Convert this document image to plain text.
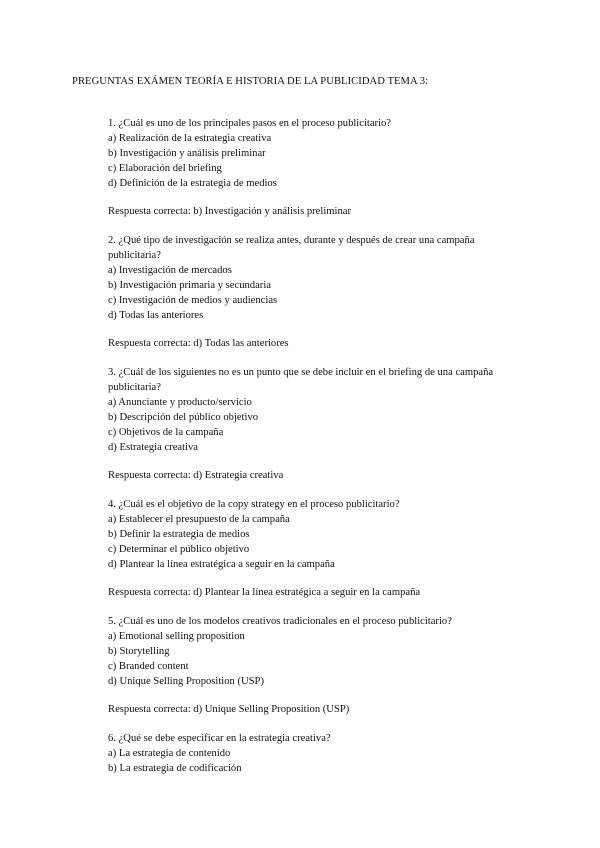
PREGUNTAS EXÁMEN TEORÍA E HISTORIA DE LA PUBLICIDAD TEMA 3:
1. ¿Cuál es uno de los principales pasos en el proceso publicitario?
a) Realización de la estrategia creativa
b) Investigación y análisis preliminar
c) Elaboración del briefing
d) Definición de la estrategia de medios
Respuesta correcta: b) Investigación y análisis preliminar
2. ¿Qué tipo de investigación se realiza antes, durante y después de crear una campaña
publicitaria?
a) Investigación de mercados
b) Investigación primaria y secundaria
c) Investigación de medios y audiencias
d) Todas las anteriores
Respuesta correcta: d) Todas las anteriores
3. ¿Cuál de los siguientes no es un punto que se debe incluir en el briefing de una campaña
publicitaria?
a) Anunciante y producto/servicio
b) Descripción del público objetivo
c) Objetivos de la campaña
d) Estrategia creativa
Respuesta correcta: d) Estrategia creativa
4. ¿Cuál es el objetivo de la copy strategy en el proceso publicitario?
a) Establecer el presupuesto de la campaña
b) Definir la estrategia de medios
c) Determinar el público objetivo
d) Plantear la línea estratégica a seguir en la campaña
Respuesta correcta: d) Plantear la línea estratégica a seguir en la campaña
5. ¿Cuál es uno de los modelos creativos tradicionales en el proceso publicitario?
a) Emotional selling proposition
b) Storytelling
c) Branded content
d) Unique Selling Proposition (USP)
Respuesta correcta: d) Unique Selling Proposition (USP)
6. ¿Qué se debe especificar en la estrategia creativa?
a) La estrategia de contenido
b) La estrategia de codificación
